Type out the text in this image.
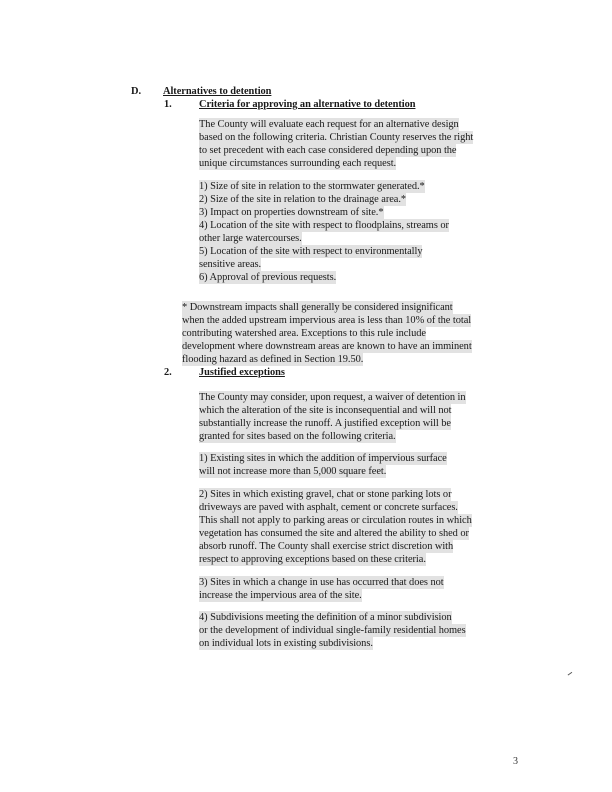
D. Alternatives to detention
1.	Criteria for approving an alternative to detention
The County will evaluate each request for an alternative design
based on the following criteria. Christian County reserves the right
to set precedent with each case considered depending upon the
unique circumstances surrounding each request.
1) Size of site in relation to the stormwater generated.*
2) Size of the site in relation to the drainage area.*
3) Impact on properties downstream of site.*
4) Location of the site with respect to floodplains, streams or
other large watercourses.
5) Location of the site with respect to environmentally
sensitive areas.
6) Approval of previous requests.
* Downstream impacts shall generally be considered insignificant
when the added upstream impervious area is less than 10% of the total
contributing watershed area. Exceptions to this rule include
development where downstream areas are known to have an imminent
flooding hazard as defined in Section 19.50.
2.	Justified exceptions
The County may consider, upon request, a waiver of detention in
which the alteration of the site is inconsequential and will not
substantially increase the runoff. A justified exception will be
granted for sites based on the following criteria.
1) Existing sites in which the addition of impervious surface
will not increase more than 5,000 square feet.
2) Sites in which existing gravel, chat or stone parking lots or
driveways are paved with asphalt, cement or concrete surfaces.
This shall not apply to parking areas or circulation routes in which
vegetation has consumed the site and altered the ability to shed or
absorb runoff. The County shall exercise strict discretion with
respect to approving exceptions based on these criteria.
3) Sites in which a change in use has occurred that does not
increase the impervious area of the site.
4) Subdivisions meeting the definition of a minor subdivision
or the development of individual single-family residential homes
on individual lots in existing subdivisions.
3
